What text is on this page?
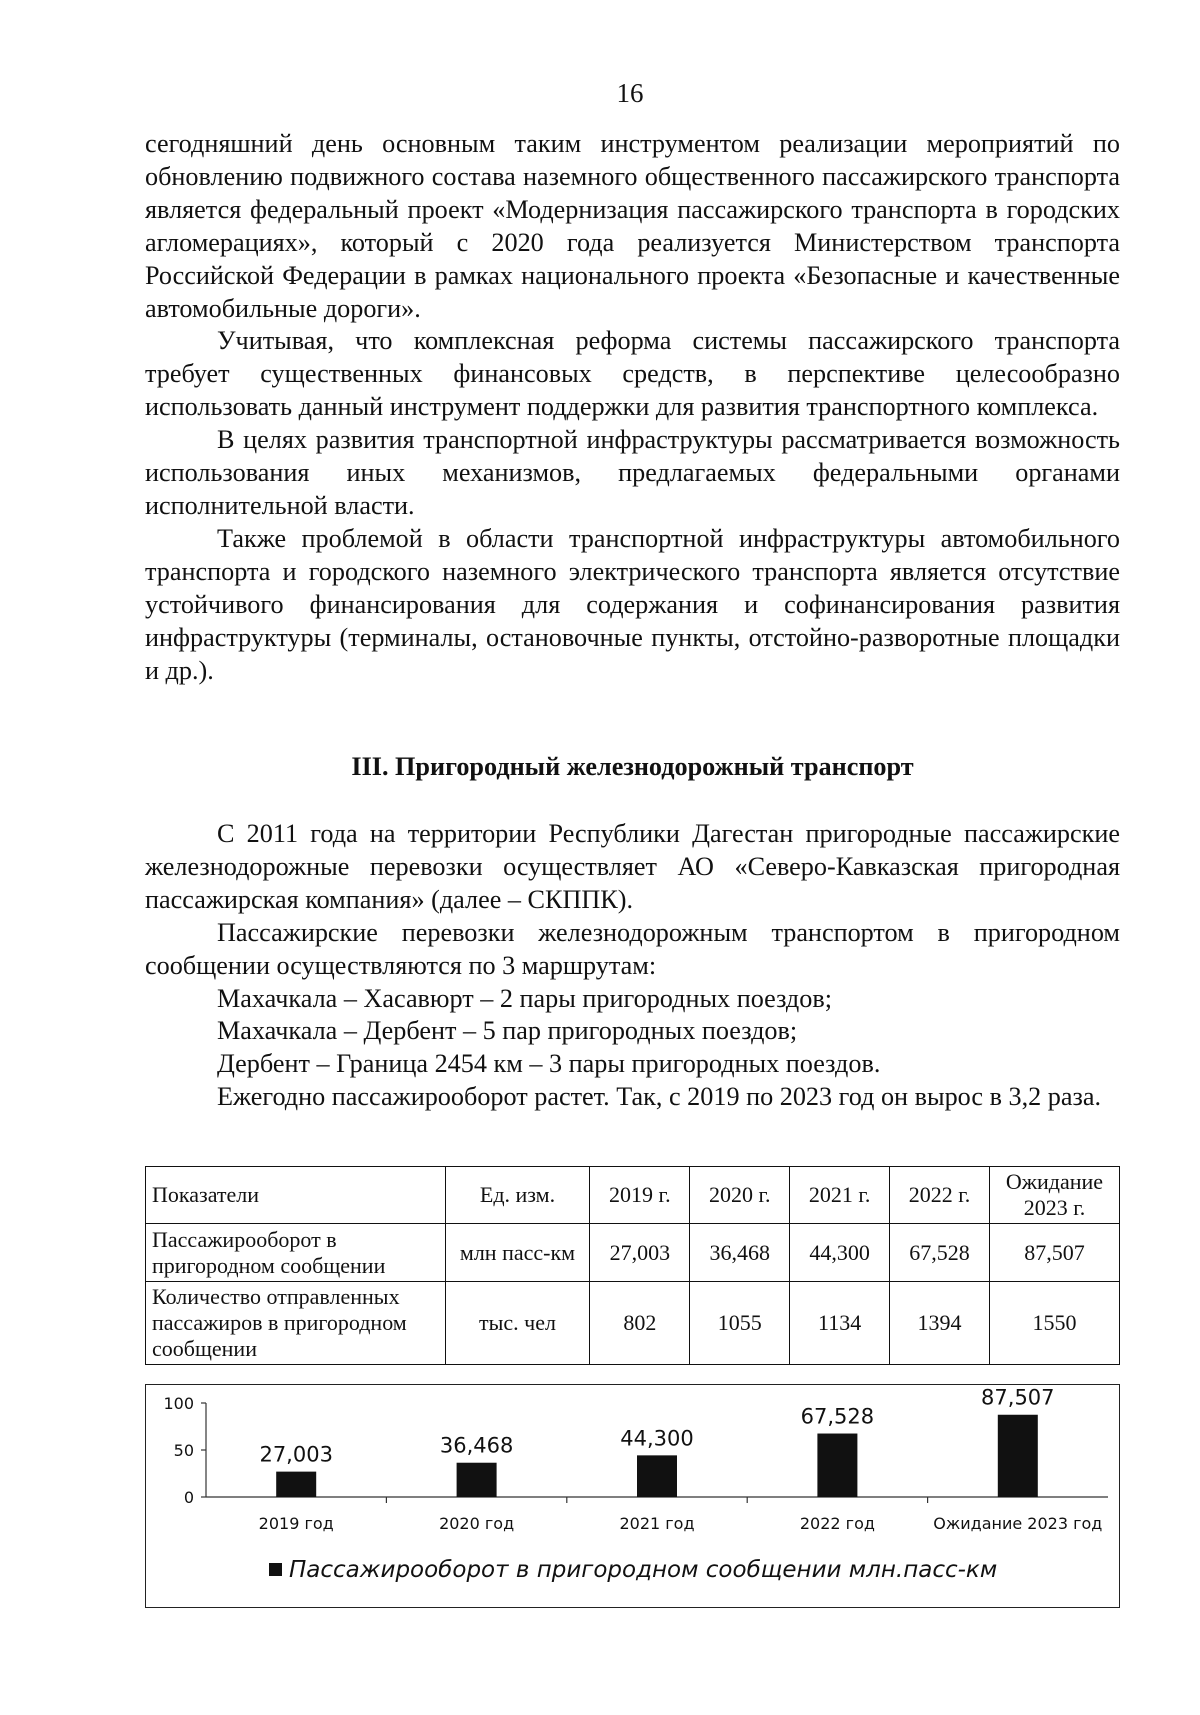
16

сегодняшний день основным таким инструментом реализации мероприятий по обновлению подвижного состава наземного общественного пассажирского транспорта является федеральный проект «Модернизация пассажирского транспорта в городских агломерациях», который с 2020 года реализуется Министерством транспорта Российской Федерации в рамках национального проекта «Безопасные и качественные автомобильные дороги».

Учитывая, что комплексная реформа системы пассажирского транспорта требует существенных финансовых средств, в перспективе целесообразно использовать данный инструмент поддержки для развития транспортного комплекса.

В целях развития транспортной инфраструктуры рассматривается возможность использования иных механизмов, предлагаемых федеральными органами исполнительной власти.

Также проблемой в области транспортной инфраструктуры автомобильного транспорта и городского наземного электрического транспорта является отсутствие устойчивого финансирования для содержания и софинансирования развития инфраструктуры (терминалы, остановочные пункты, отстойно-разворотные площадки и др.).

III. Пригородный железнодорожный транспорт

С 2011 года на территории Республики Дагестан пригородные пассажирские железнодорожные перевозки осуществляет АО «Северо-Кавказская пригородная пассажирская компания» (далее – СКППК).

Пассажирские перевозки железнодорожным транспортом в пригородном сообщении осуществляются по 3 маршрутам:

Махачкала – Хасавюрт – 2 пары пригородных поездов;

Махачкала – Дербент – 5 пар пригородных поездов;

Дербент – Граница 2454 км – 3 пары пригородных поездов.

Ежегодно пассажирооборот растет. Так, с 2019 по 2023 год он вырос в 3,2 раза.

Показатели	Ед. изм.	2019 г.	2020 г.	2021 г.	2022 г.	Ожидание 2023 г.
Пассажирооборот в пригородном сообщении	млн пасс-км	27,003	36,468	44,300	67,528	87,507
Количество отправленных пассажиров в пригородном сообщении	тыс. чел	802	1055	1134	1394	1550
0
50
100
27,003
2019 год
36,468
2020 год
44,300
2021 год
67,528
2022 год
87,507
Ожидание 2023 год
Пассажирооборот в пригородном сообщении млн.пасс-км
